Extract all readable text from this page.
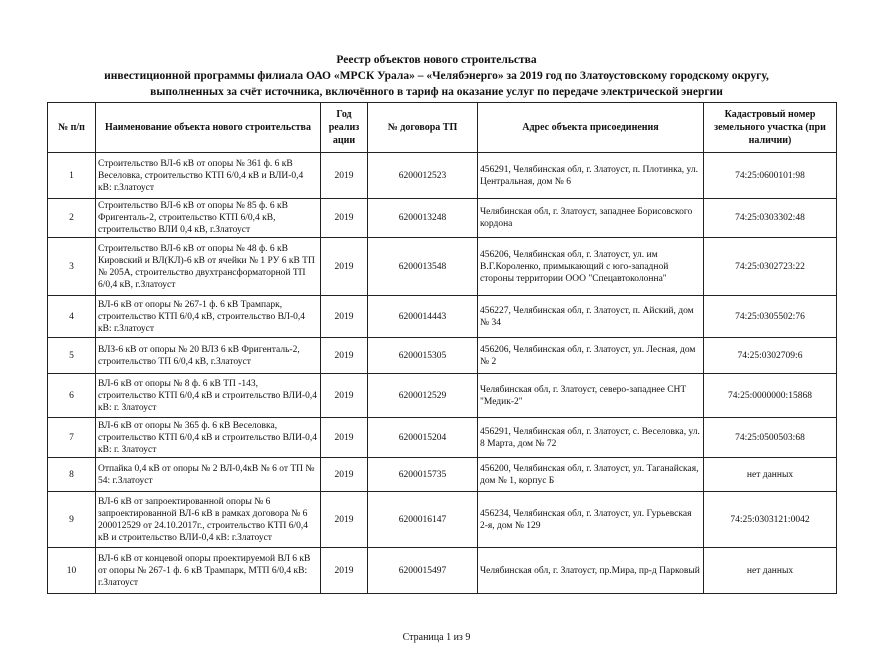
Реестр объектов нового строительства
инвестиционной программы филиала ОАО «МРСК Урала» – «Челябэнерго» за 2019 год по Златоустовскому городскому округу,
выполненных за счёт источника, включённого в тариф на оказание услуг по передаче электрической энергии
№ п/п	Наименование объекта нового строительства	Год реализ ации	№ договора ТП	Адрес объекта присоединения	Кадастровый номер земельного участка (при наличии)
1	Строительство ВЛ-6 кВ от опоры № 361 ф. 6 кВ Веселовка, строительство КТП 6/0,4 кВ и ВЛИ-0,4 кВ: г.Златоуст	2019	6200012523	456291, Челябинская обл, г. Златоуст, п. Плотинка, ул. Центральная, дом № 6	74:25:0600101:98
2	Строительство ВЛ-6 кВ от опоры № 85 ф. 6 кВ Фригенталь-2, строительство КТП 6/0,4 кВ, строительство ВЛИ 0,4 кВ, г.Златоуст	2019	6200013248	Челябинская обл, г. Златоуст, западнее Борисовского кордона	74:25:0303302:48
3	Строительство ВЛ-6 кВ от опоры № 48 ф. 6 кВ Кировский и ВЛ(КЛ)-6 кВ от ячейки № 1 РУ 6 кВ ТП № 205А, строительство двухтрансформаторной ТП 6/0,4 кВ, г.Златоуст	2019	6200013548	456206, Челябинская обл, г. Златоуст, ул. им В.Г.Короленко, примыкающий с юго-западной стороны территории ООО "Спецавтоколонна"	74:25:0302723:22
4	ВЛ-6 кВ от опоры № 267-1 ф. 6 кВ Трампарк, строительство КТП 6/0,4 кВ, строительство ВЛ-0,4 кВ: г.Златоуст	2019	6200014443	456227, Челябинская обл, г. Златоуст, п. Айский, дом № 34	74:25:0305502:76
5	ВЛЗ-6 кВ от опоры № 20 ВЛЗ 6 кВ Фригенталь-2, строительство ТП 6/0,4 кВ, г.Златоуст	2019	6200015305	456206, Челябинская обл, г. Златоуст, ул. Лесная, дом № 2	74:25:0302709:6
6	ВЛ-6 кВ от опоры № 8 ф. 6 кВ ТП -143, строительство КТП 6/0,4 кВ и строительство ВЛИ-0,4 кВ: г. Златоуст	2019	6200012529	Челябинская обл, г. Златоуст, северо-западнее СНТ "Медик-2"	74:25:0000000:15868
7	ВЛ-6 кВ от опоры № 365 ф. 6 кВ Веселовка, строительство КТП 6/0,4 кВ и строительство ВЛИ-0,4 кВ: г. Златоуст	2019	6200015204	456291, Челябинская обл, г. Златоуст, с. Веселовка, ул. 8 Марта, дом № 72	74:25:0500503:68
8	Отпайка 0,4 кВ от опоры № 2 ВЛ-0,4кВ № 6 от ТП № 54: г.Златоуст	2019	6200015735	456200, Челябинская обл, г. Златоуст, ул. Таганайская, дом № 1, корпус Б	нет данных
9	ВЛ-6 кВ от запроектированной опоры № 6 запроектированной ВЛ-6 кВ в рамках договора № 6 200012529 от 24.10.2017г., строительство КТП 6/0,4 кВ и строительство ВЛИ-0,4 кВ: г.Златоуст	2019	6200016147	456234, Челябинская обл, г. Златоуст, ул. Гурьевская 2-я, дом № 129	74:25:0303121:0042
10	ВЛ-6 кВ от концевой опоры проектируемой ВЛ 6 кВ от опоры № 267-1 ф. 6 кВ Трампарк, МТП 6/0,4 кВ: г.Златоуст	2019	6200015497	Челябинская обл, г. Златоуст, пр.Мира, пр-д Парковый	нет данных
Страница 1 из 9
